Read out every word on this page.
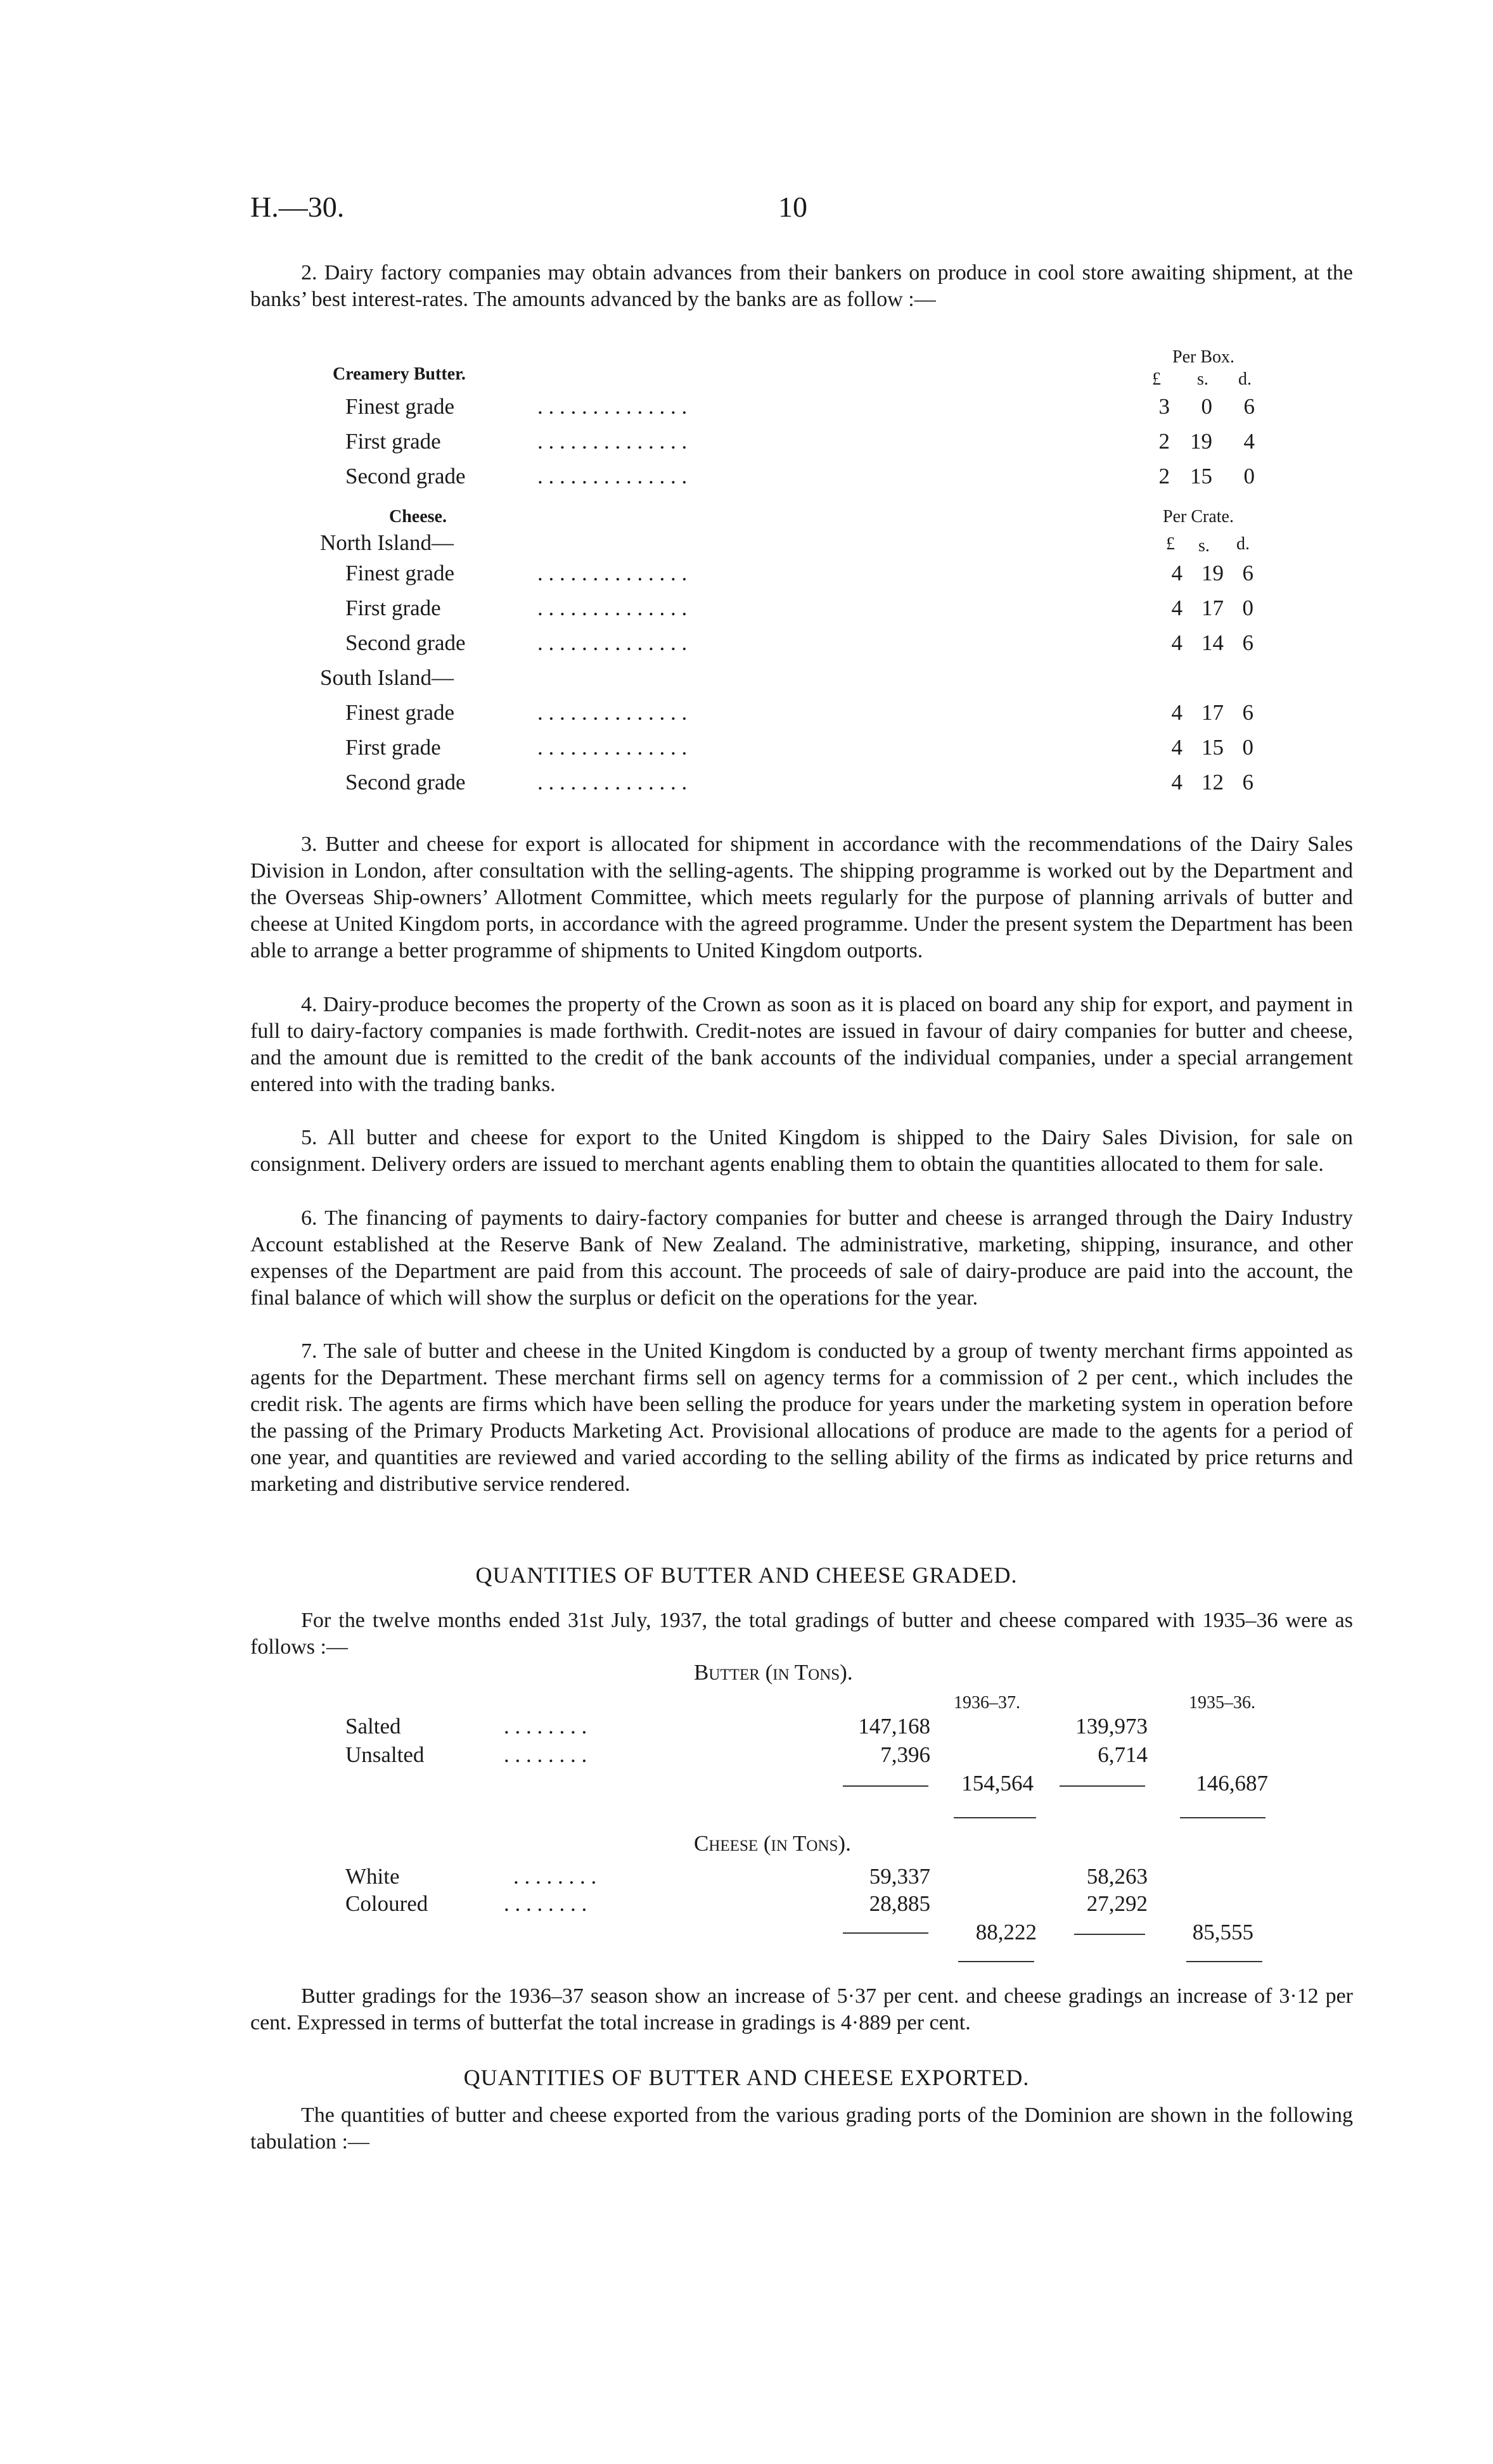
H.—30.	10
2. Dairy factory companies may obtain advances from their bankers on produce in cool store awaiting shipment, at the banks’ best interest-rates. The amounts advanced by the banks are as follow :—
Creamery Butter.
Per Box.
£ s. d.
Finest grade	. . . . . . . . . . . . . .	3 0 6
First grade	. . . . . . . . . . . . . .	2 19 4
Second grade	. . . . . . . . . . . . . .	2 15 0
Cheese.	Per Crate.
North Island—	£ s. d.
Finest grade	. . . . . . . . . . . . . .	4 19 6
First grade	. . . . . . . . . . . . . .	4 17 0
Second grade	. . . . . . . . . . . . . .	4 14 6
South Island—
Finest grade	. . . . . . . . . . . . . .	4 17 6
First grade	. . . . . . . . . . . . . .	4 15 0
Second grade	. . . . . . . . . . . . . .	4 12 6
3. Butter and cheese for export is allocated for shipment in accordance with the recommendations of the Dairy Sales Division in London, after consultation with the selling-agents. The shipping programme is worked out by the Department and the Overseas Ship-owners’ Allotment Committee, which meets regularly for the purpose of planning arrivals of butter and cheese at United Kingdom ports, in accordance with the agreed programme. Under the present system the Department has been able to arrange a better programme of shipments to United Kingdom outports.
4. Dairy-produce becomes the property of the Crown as soon as it is placed on board any ship for export, and payment in full to dairy-factory companies is made forthwith. Credit-notes are issued in favour of dairy companies for butter and cheese, and the amount due is remitted to the credit of the bank accounts of the individual companies, under a special arrangement entered into with the trading banks.
5. All butter and cheese for export to the United Kingdom is shipped to the Dairy Sales Division, for sale on consignment. Delivery orders are issued to merchant agents enabling them to obtain the quantities allocated to them for sale.
6. The financing of payments to dairy-factory companies for butter and cheese is arranged through the Dairy Industry Account established at the Reserve Bank of New Zealand. The administrative, marketing, shipping, insurance, and other expenses of the Department are paid from this account. The proceeds of sale of dairy-produce are paid into the account, the final balance of which will show the surplus or deficit on the operations for the year.
7. The sale of butter and cheese in the United Kingdom is conducted by a group of twenty merchant firms appointed as agents for the Department. These merchant firms sell on agency terms for a commission of 2 per cent., which includes the credit risk. The agents are firms which have been selling the produce for years under the marketing system in operation before the passing of the Primary Products Marketing Act. Provisional allocations of produce are made to the agents for a period of one year, and quantities are reviewed and varied according to the selling ability of the firms as indicated by price returns and marketing and distributive service rendered.
QUANTITIES OF BUTTER AND CHEESE GRADED.
For the twelve months ended 31st July, 1937, the total gradings of butter and cheese compared with 1935–36 were as follows :—
Butter (in Tons).
1936–37.	1935–36.
Salted	. . . . . . . .	147,168	139,973
Unsalted	. . . . . . . .	7,396	6,714
154,564	146,687
Cheese (in Tons).
White	. . . . . . . .	59,337	58,263
Coloured	. . . . . . . .	28,885	27,292
88,222	85,555
Butter gradings for the 1936–37 season show an increase of 5·37 per cent. and cheese gradings an increase of 3·12 per cent. Expressed in terms of butterfat the total increase in gradings is 4·889 per cent.
QUANTITIES OF BUTTER AND CHEESE EXPORTED.
The quantities of butter and cheese exported from the various grading ports of the Dominion are shown in the following tabulation :—
